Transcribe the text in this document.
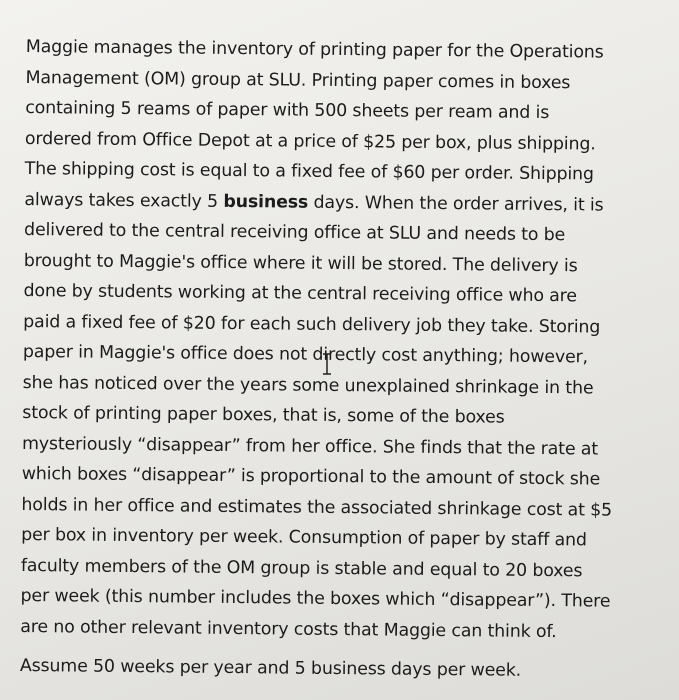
Maggie manages the inventory of printing paper for the Operations
Management (OM) group at SLU. Printing paper comes in boxes
containing 5 reams of paper with 500 sheets per ream and is
ordered from Office Depot at a price of $25 per box, plus shipping.
The shipping cost is equal to a fixed fee of $60 per order. Shipping
always takes exactly 5 business days. When the order arrives, it is
delivered to the central receiving office at SLU and needs to be
brought to Maggie's office where it will be stored. The delivery is
done by students working at the central receiving office who are
paid a fixed fee of $20 for each such delivery job they take. Storing
paper in Maggie's office does not directly cost anything; however,
she has noticed over the years some unexplained shrinkage in the
stock of printing paper boxes, that is, some of the boxes
mysteriously “disappear” from her office. She finds that the rate at
which boxes “disappear” is proportional to the amount of stock she
holds in her office and estimates the associated shrinkage cost at $5
per box in inventory per week. Consumption of paper by staff and
faculty members of the OM group is stable and equal to 20 boxes
per week (this number includes the boxes which “disappear”). There
are no other relevant inventory costs that Maggie can think of.
Assume 50 weeks per year and 5 business days per week.
